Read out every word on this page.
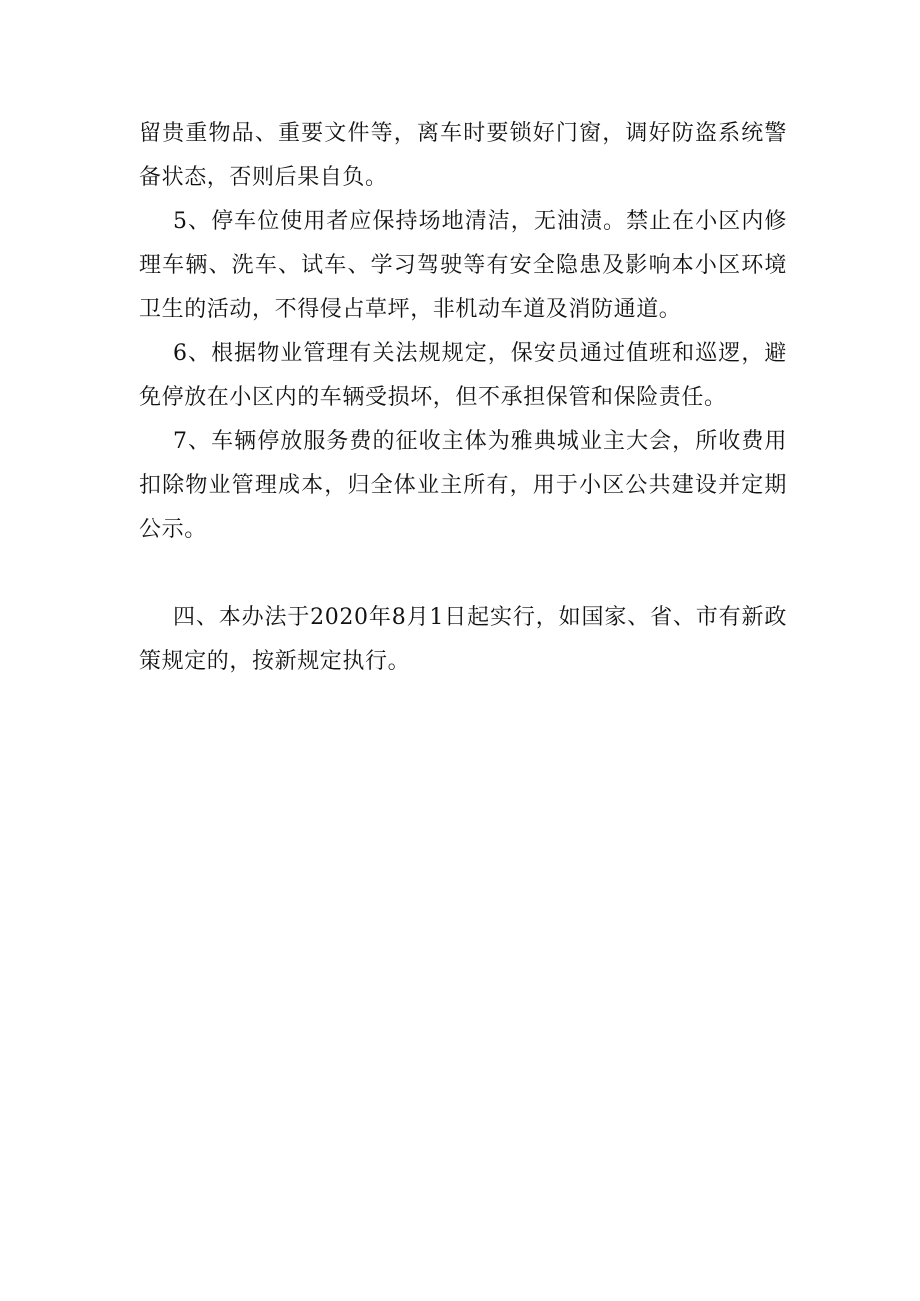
留贵重物品、重要文件等，离车时要锁好门窗，调好防盗系统警备状态，否则后果自负。

5、停车位使用者应保持场地清洁，无油渍。禁止在小区内修理车辆、洗车、试车、学习驾驶等有安全隐患及影响本小区环境卫生的活动，不得侵占草坪，非机动车道及消防通道。

6、根据物业管理有关法规规定，保安员通过值班和巡逻，避免停放在小区内的车辆受损坏，但不承担保管和保险责任。

7、车辆停放服务费的征收主体为雅典城业主大会，所收费用扣除物业管理成本，归全体业主所有，用于小区公共建设并定期公示。

四、本办法于2020年8月1日起实行，如国家、省、市有新政策规定的，按新规定执行。
